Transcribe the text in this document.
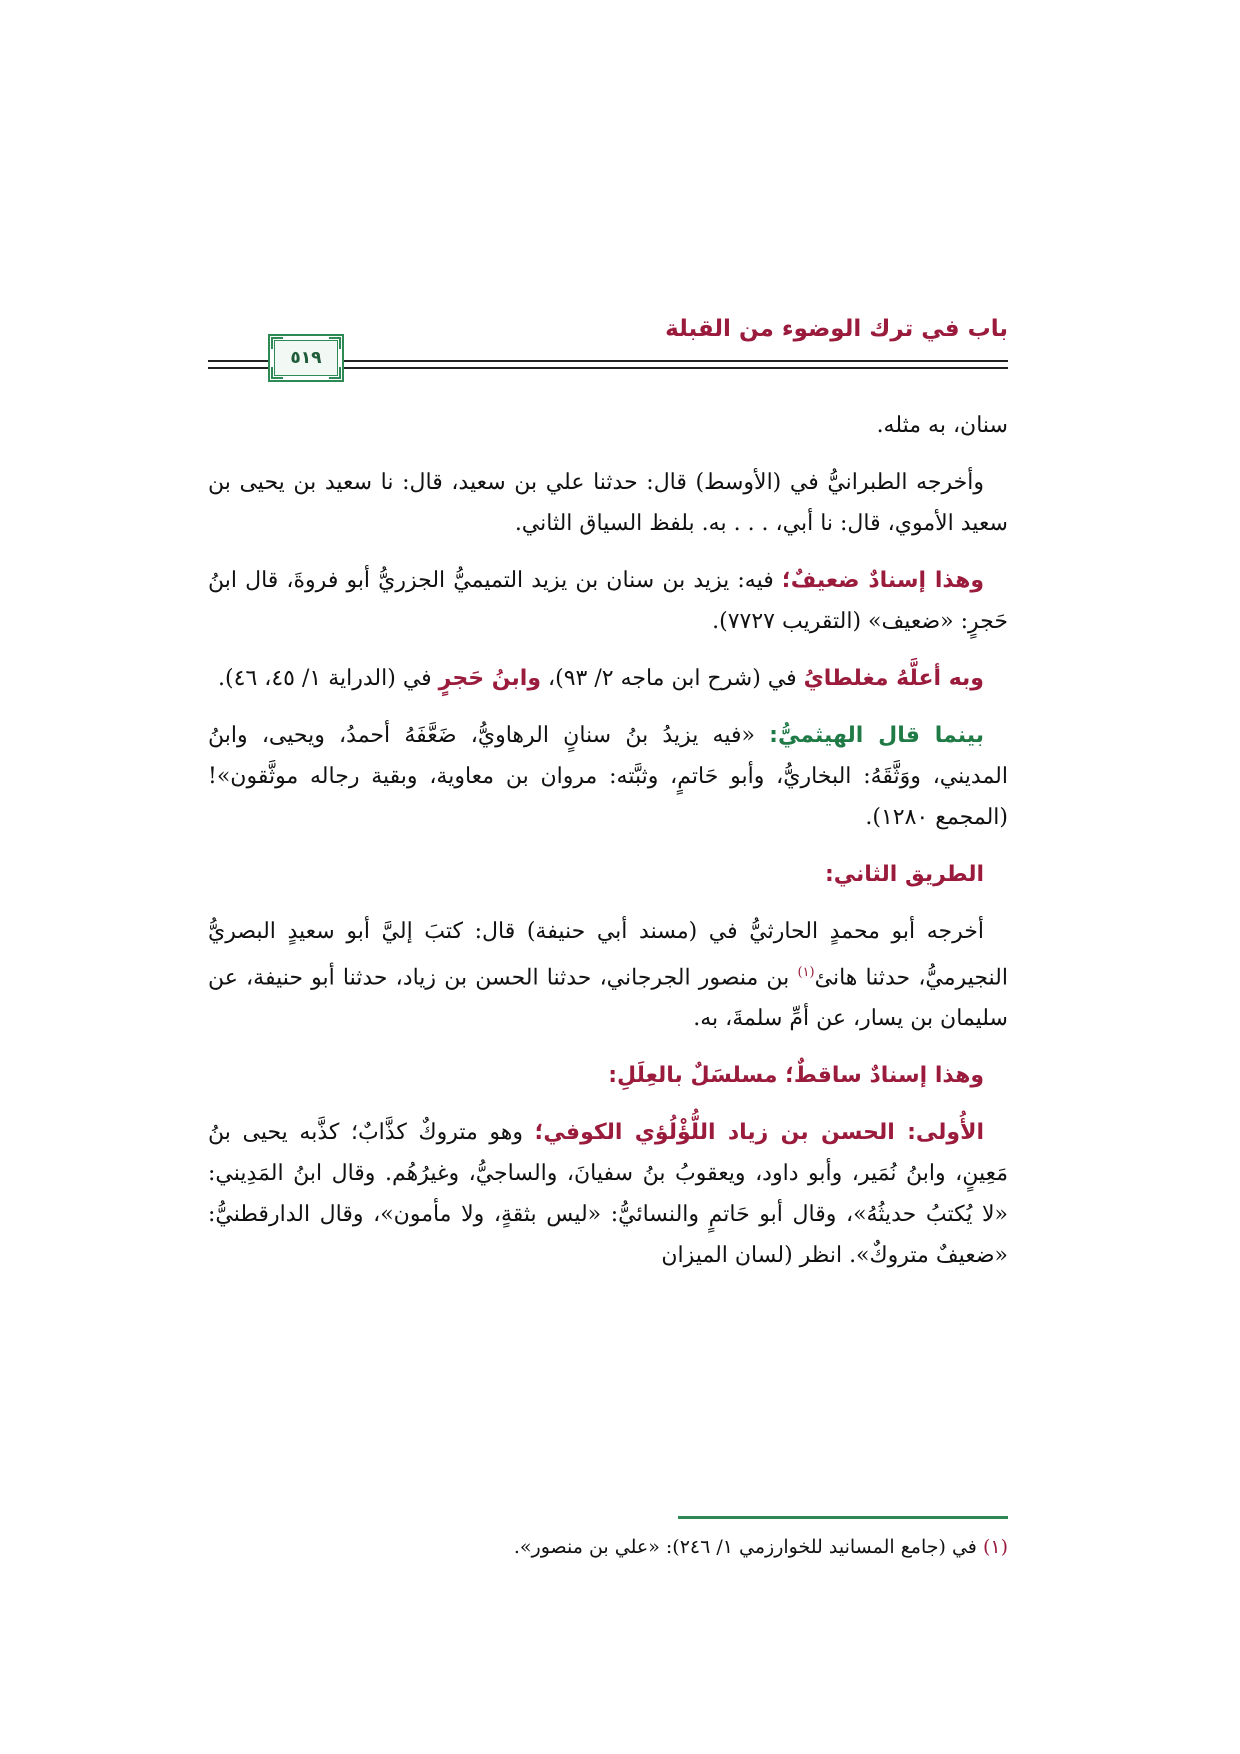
باب في ترك الوضوء من القبلة
٥١٩

سنان، به مثله.

وأخرجه الطبرانيُّ في (الأوسط) قال: حدثنا علي بن سعيد، قال: نا سعيد بن يحيى بن سعيد الأموي، قال: نا أبي، . . . به. بلفظ السياق الثاني.

وهذا إسنادٌ ضعيفٌ؛ فيه: يزيد بن سنان بن يزيد التميميُّ الجزريُّ أبو فروةَ، قال ابنُ حَجرٍ: «ضعيف» (التقريب ٧٧٢٧).

وبه أعلَّهُ مغلطايُ في (شرح ابن ماجه ٢/ ٩٣)، وابنُ حَجرٍ في (الدراية ١/ ٤٥، ٤٦).

بينما قال الهيثميُّ: «فيه يزيدُ بنُ سنانٍ الرهاويُّ، ضَعَّفَهُ أحمدُ، ويحيى، وابنُ المديني، ووَثَّقَهُ: البخاريُّ، وأبو حَاتمٍ، وثبَّته: مروان بن معاوية، وبقية رجاله موثَّقون»! (المجمع ١٢٨٠).

الطريق الثاني:

أخرجه أبو محمدٍ الحارثيُّ في (مسند أبي حنيفة) قال: كتبَ إليَّ أبو سعيدٍ البصريُّ النجيرميُّ، حدثنا هانئ$^{(١)}$ بن منصور الجرجاني، حدثنا الحسن بن زياد، حدثنا أبو حنيفة، عن سليمان بن يسار، عن أمِّ سلمةَ، به.

وهذا إسنادٌ ساقطٌ؛ مسلسَلٌ بالعِلَلِ:

الأُولى: الحسن بن زياد اللُّؤْلُؤي الكوفي؛ وهو متروكٌ كذَّابٌ؛ كذَّبه يحيى بنُ مَعِينٍ، وابنُ نُمَير، وأبو داود، ويعقوبُ بنُ سفيانَ، والساجيُّ، وغيرُهُم. وقال ابنُ المَدِيني: «لا يُكتبُ حديثُهُ»، وقال أبو حَاتمٍ والنسائيُّ: «ليس بثقةٍ، ولا مأمون»، وقال الدارقطنيُّ: «ضعيفٌ متروكٌ». انظر (لسان الميزان

(١) في (جامع المسانيد للخوارزمي ١/ ٢٤٦): «علي بن منصور».
